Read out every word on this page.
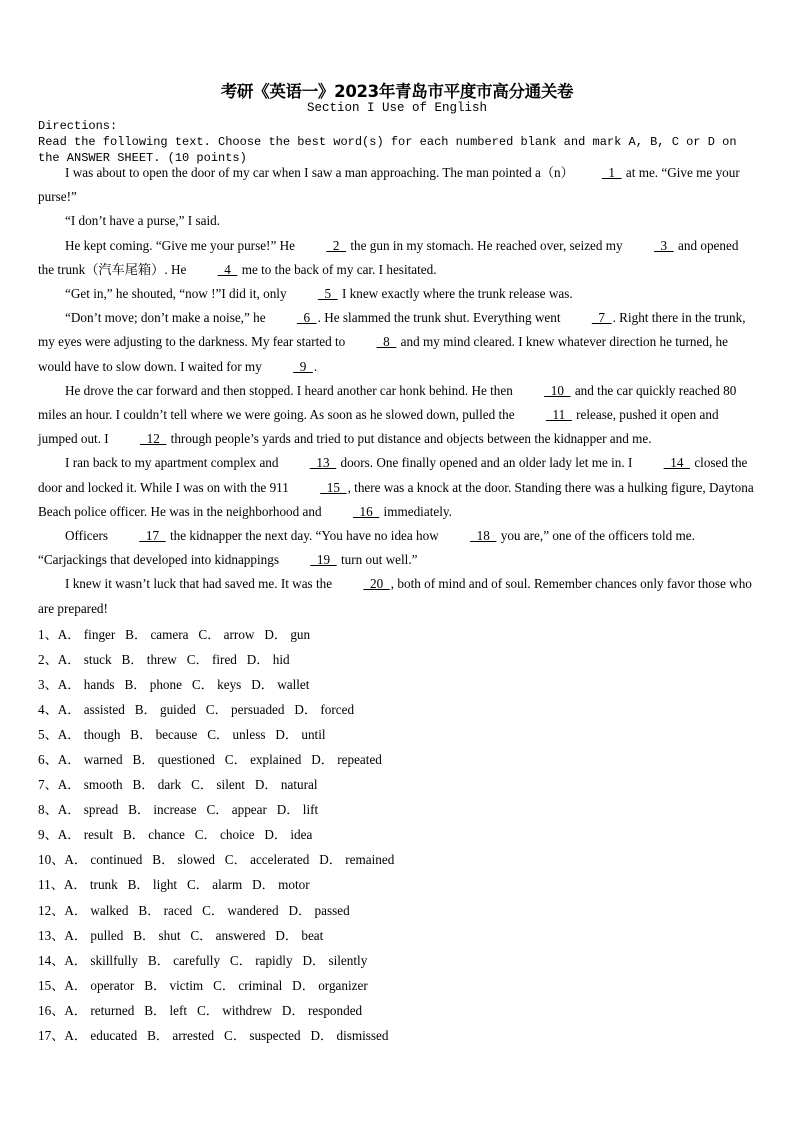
考研《英语一》2023年青岛市平度市高分通关卷
Section I Use of English
Directions:
Read the following text. Choose the best word(s) for each numbered blank and mark A, B, C or D on the ANSWER SHEET. (10 points)

I was about to open the door of my car when I saw a man approaching. The man pointed a（n）  1   at me. “Give me your purse!”

“I don’t have a purse,” I said.

He kept coming. “Give me your purse!” He   2   the gun in my stomach. He reached over, seized my   3   and opened the trunk（汽车尾箱）. He   4   me to the back of my car. I hesitated.

“Get in,” he shouted, “now !”I did it, only   5   I knew exactly where the trunk release was.

“Don’t move; don’t make a noise,” he   6  . He slammed the trunk shut. Everything went   7  . Right there in the trunk, my eyes were adjusting to the darkness. My fear started to   8   and my mind cleared. I knew whatever direction he turned, he would have to slow down. I waited for my   9  .

He drove the car forward and then stopped. I heard another car honk behind. He then   10   and the car quickly reached 80 miles an hour. I couldn’t tell where we were going. As soon as he slowed down, pulled the   11   release, pushed it open and jumped out. I   12   through people’s yards and tried to put distance and objects between the kidnapper and me.

I ran back to my apartment complex and   13   doors. One finally opened and an older lady let me in. I   14   closed the door and locked it. While I was on with the 911   15  , there was a knock at the door. Standing there was a hulking figure, Daytona Beach police officer. He was in the neighborhood and   16   immediately.

Officers   17   the kidnapper the next day. “You have no idea how   18   you are,” one of the officers told me. “Carjackings that developed into kidnappings   19   turn out well.”

I knew it wasn’t luck that had saved me. It was the   20  , both of mind and of soul. Remember chances only favor those who are prepared!

1、A． finger   B． camera   C． arrow   D． gun
2、A． stuck   B． threw   C． fired   D． hid
3、A． hands   B． phone   C． keys   D． wallet
4、A． assisted   B． guided   C． persuaded   D． forced
5、A． though   B． because   C． unless   D． until
6、A． warned   B． questioned   C． explained   D． repeated
7、A． smooth   B． dark   C． silent   D． natural
8、A． spread   B． increase   C． appear   D． lift
9、A． result   B． chance   C． choice   D． idea
10、A． continued   B． slowed   C． accelerated   D． remained
11、A． trunk   B． light   C． alarm   D． motor
12、A． walked   B． raced   C． wandered   D． passed
13、A． pulled   B． shut   C． answered   D． beat
14、A． skillfully   B． carefully   C． rapidly   D． silently
15、A． operator   B． victim   C． criminal   D． organizer
16、A． returned   B． left   C． withdrew   D． responded
17、A． educated   B． arrested   C． suspected   D． dismissed
